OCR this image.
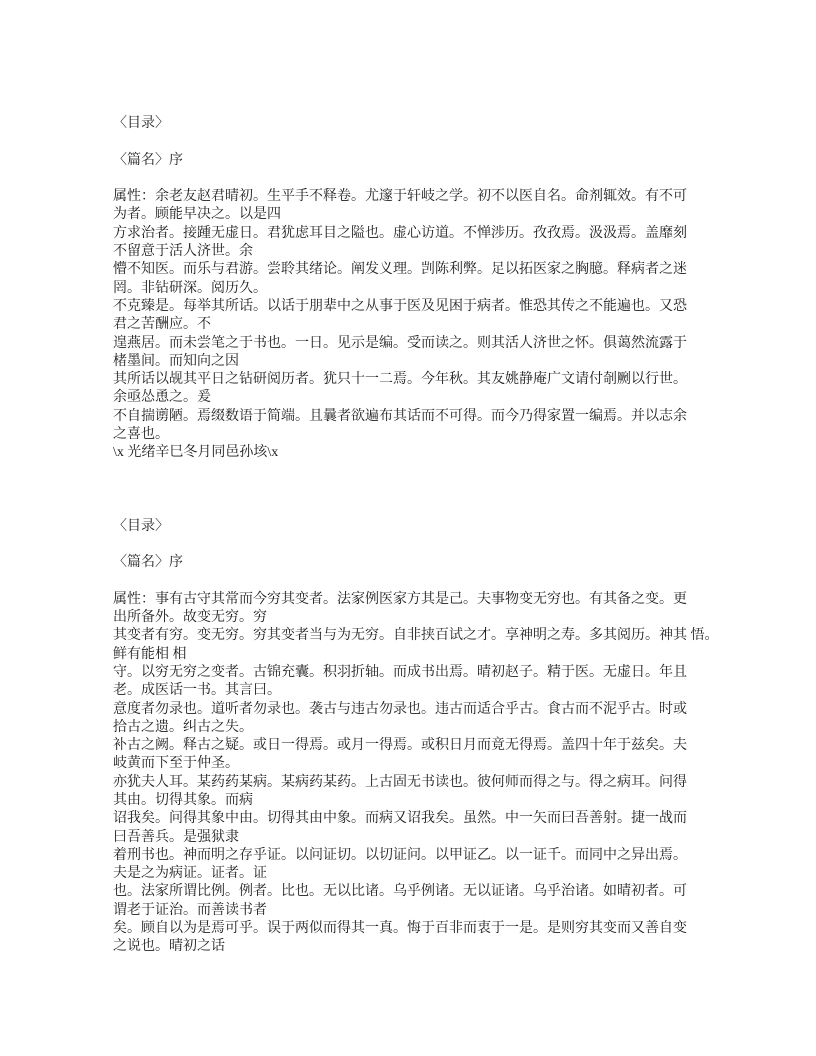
〈目录〉
〈篇名〉序
属性：余老友赵君晴初。生平手不释卷。尤邃于轩岐之学。初不以医自名。命剂辄效。有不可
为者。顾能早决之。以是四
方求治者。接踵无虚日。君犹虑耳目之隘也。虚心访道。不惮涉历。孜孜焉。汲汲焉。盖靡刻
不留意于活人济世。余
懵不知医。而乐与君游。尝聆其绪论。阐发义理。剀陈利弊。足以拓医家之胸臆。释病者之迷
罔。非钻研深。阅历久。
不克臻是。每举其所话。以话于朋辈中之从事于医及见困于病者。惟恐其传之不能遍也。又恐
君之苦酬应。不
遑燕居。而未尝笔之于书也。一日。见示是编。受而读之。则其活人济世之怀。俱蔼然流露于
楮墨间。而知向之因
其所话以觇其平日之钻研阅历者。犹只十一二焉。今年秋。其友姚静庵广文请付剞劂以行世。
余亟怂恿之。爰
不自揣谫陋。焉缀数语于简端。且曩者欲遍布其话而不可得。而今乃得家置一编焉。并以志余
之喜也。
\x 光绪辛巳冬月同邑孙垓\x
〈目录〉
〈篇名〉序
属性：事有古守其常而今穷其变者。法家例医家方其是己。夫事物变无穷也。有其备之变。更
出所备外。故变无穷。穷
其变者有穷。变无穷。穷其变者当与为无穷。自非挟百试之才。享神明之寿。多其阅历。神其 悟。
鲜有能相 相
守。以穷无穷之变者。古锦充囊。积羽折轴。而成书出焉。晴初赵子。精于医。无虚日。年且
老。成医话一书。其言曰。
意度者勿录也。道听者勿录也。袭古与违古勿录也。违古而适合乎古。食古而不泥乎古。时或
拾古之遗。纠古之失。
补古之阙。释古之疑。或日一得焉。或月一得焉。或积日月而竟无得焉。盖四十年于兹矣。夫
岐黄而下至于仲圣。
亦犹夫人耳。某药药某病。某病药某药。上古固无书读也。彼何师而得之与。得之病耳。问得
其由。切得其象。而病
诏我矣。问得其象中由。切得其由中象。而病又诏我矣。虽然。中一矢而曰吾善射。捷一战而
曰吾善兵。是强狱隶
着刑书也。神而明之存乎证。以问证切。以切证问。以甲证乙。以一证千。而同中之异出焉。
夫是之为病证。证者。证
也。法家所谓比例。例者。比也。无以比诸。乌乎例诸。无以证诸。乌乎治诸。如晴初者。可
谓老于证治。而善读书者
矣。顾自以为是焉可乎。误于两似而得其一真。悔于百非而衷于一是。是则穷其变而又善自变
之说也。晴初之话
